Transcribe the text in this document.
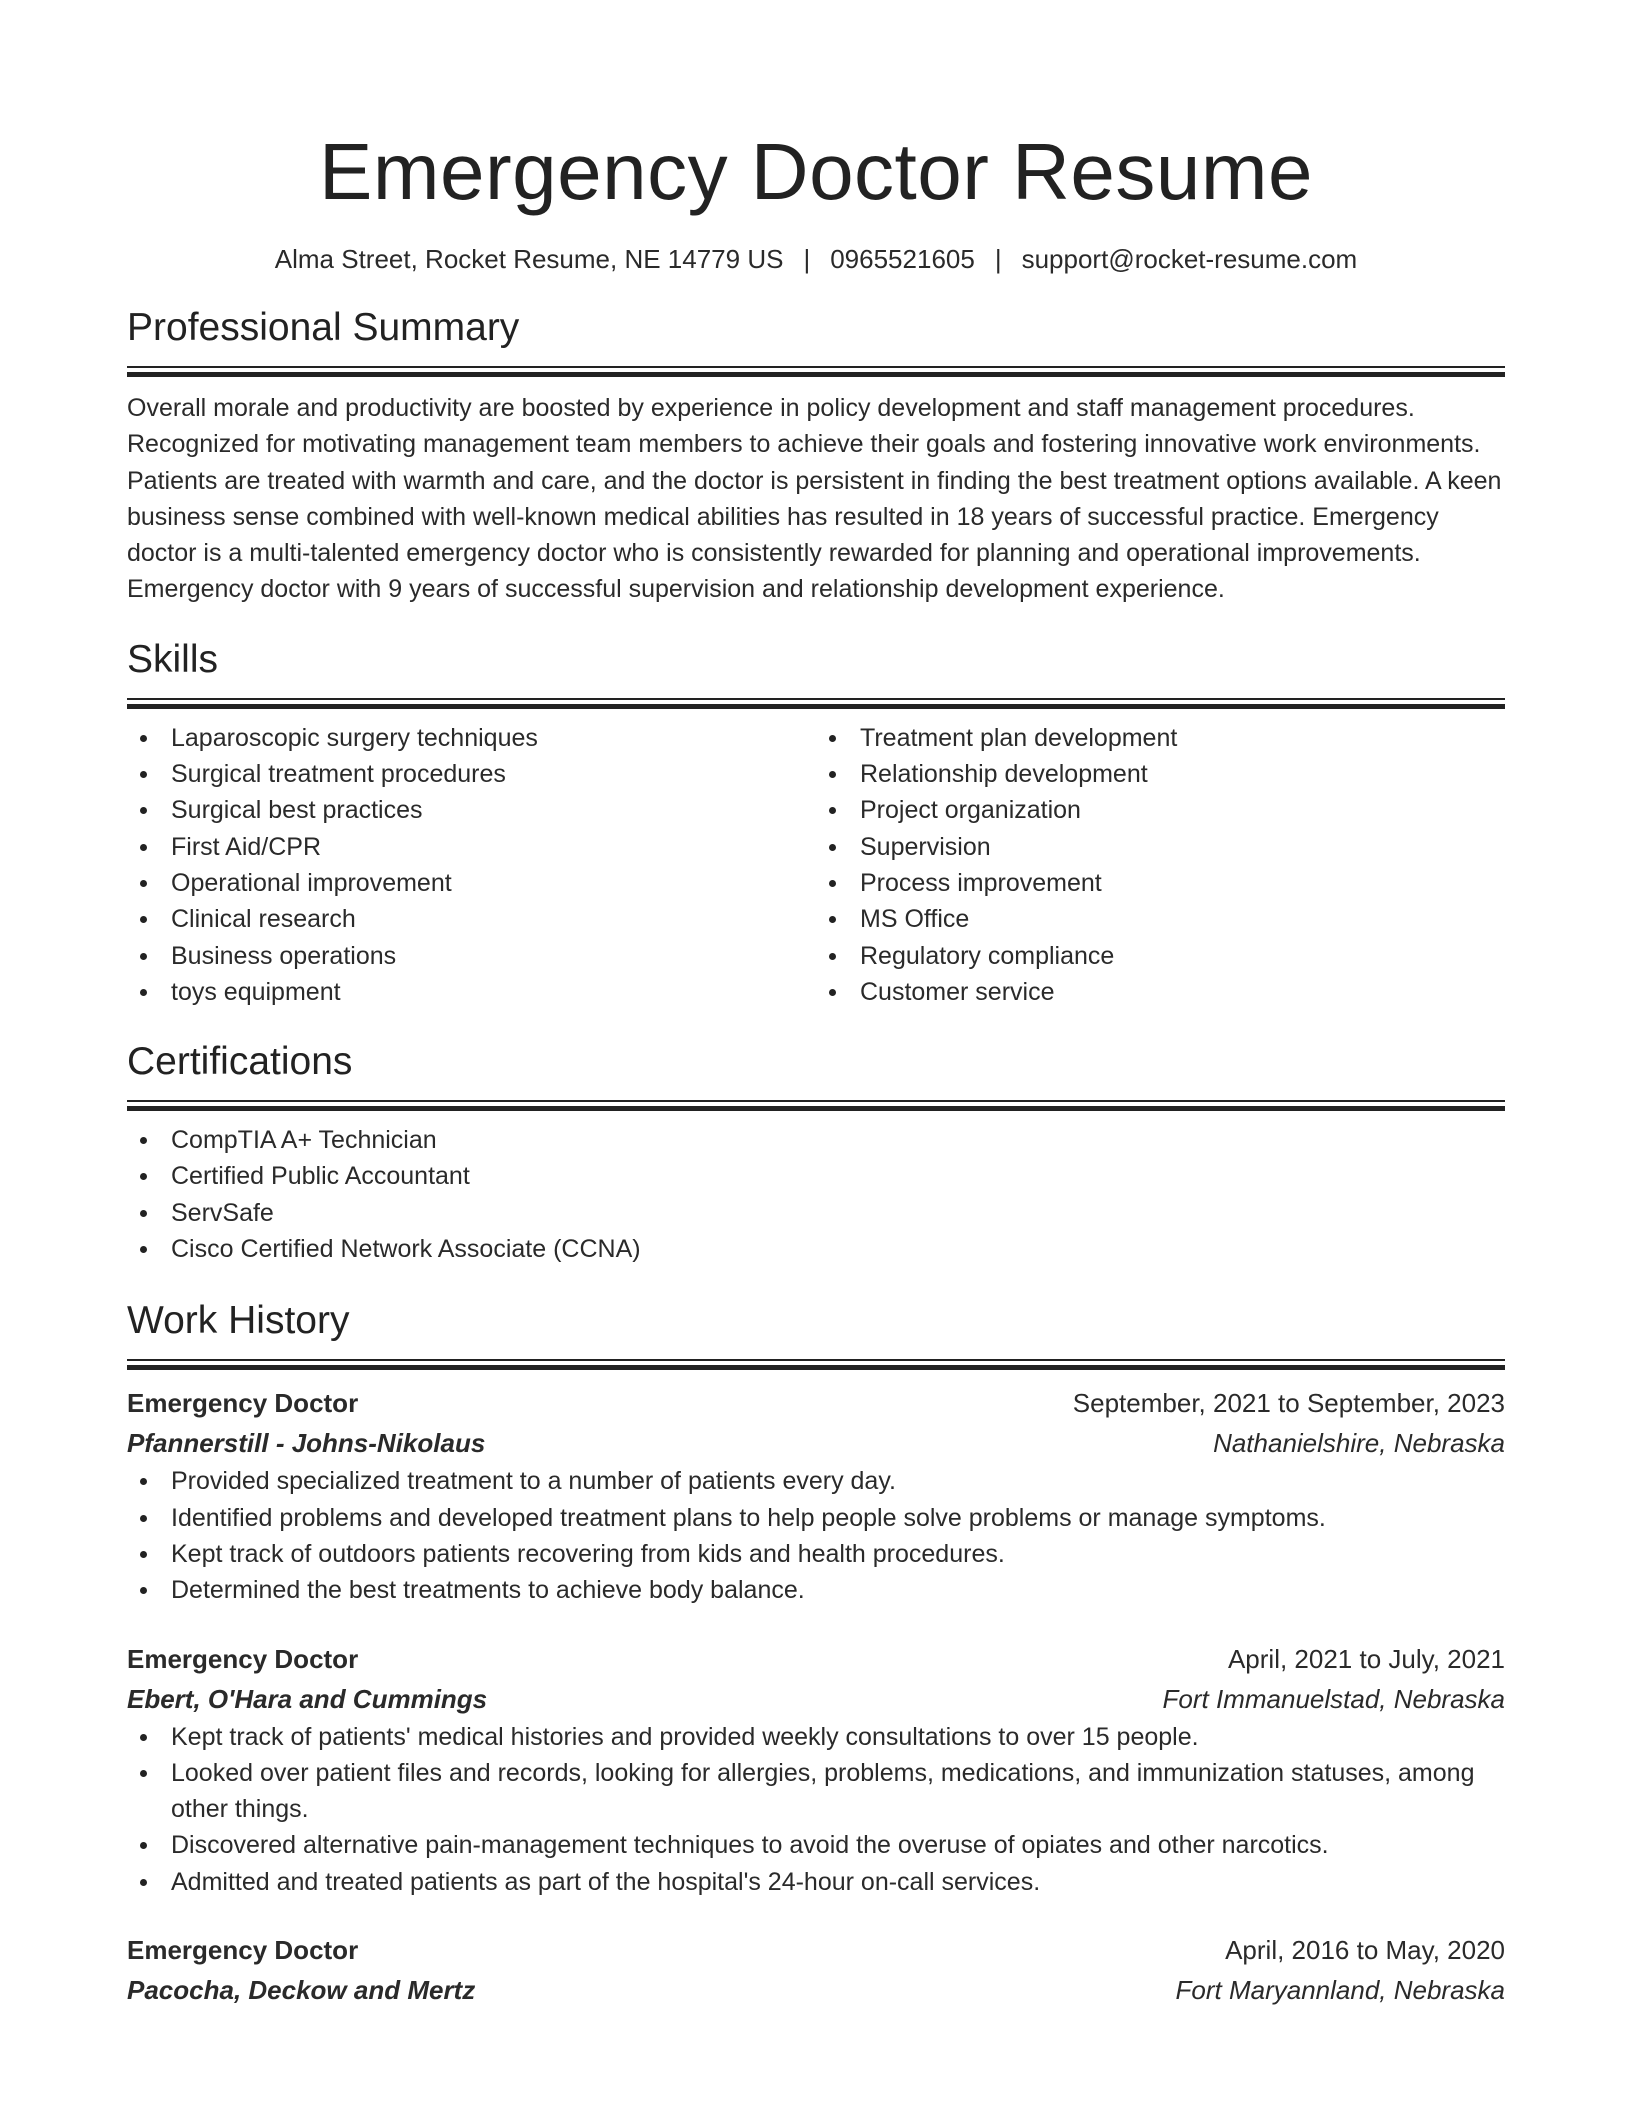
Emergency Doctor Resume
Alma Street, Rocket Resume, NE 14779 US | 0965521605 | support@rocket-resume.com
Professional Summary

Overall morale and productivity are boosted by experience in policy development and staff management procedures. Recognized for motivating management team members to achieve their goals and fostering innovative work environments. Patients are treated with warmth and care, and the doctor is persistent in finding the best treatment options available. A keen business sense combined with well-known medical abilities has resulted in 18 years of successful practice. Emergency doctor is a multi-talented emergency doctor who is consistently rewarded for planning and operational improvements. Emergency doctor with 9 years of successful supervision and relationship development experience.

Skills
Laparoscopic surgery techniques
Surgical treatment procedures
Surgical best practices
First Aid/CPR
Operational improvement
Clinical research
Business operations
toys equipment
Treatment plan development
Relationship development
Project organization
Supervision
Process improvement
MS Office
Regulatory compliance
Customer service
Certifications
CompTIA A+ Technician
Certified Public Accountant
ServSafe
Cisco Certified Network Associate (CCNA)
Work History
Emergency Doctor	September, 2021 to September, 2023
Pfannerstill - Johns-Nikolaus	Nathanielshire, Nebraska
Provided specialized treatment to a number of patients every day.
Identified problems and developed treatment plans to help people solve problems or manage symptoms.
Kept track of outdoors patients recovering from kids and health procedures.
Determined the best treatments to achieve body balance.
Emergency Doctor	April, 2021 to July, 2021
Ebert, O'Hara and Cummings	Fort Immanuelstad, Nebraska
Kept track of patients' medical histories and provided weekly consultations to over 15 people.
Looked over patient files and records, looking for allergies, problems, medications, and immunization statuses, among other things.
Discovered alternative pain-management techniques to avoid the overuse of opiates and other narcotics.
Admitted and treated patients as part of the hospital's 24-hour on-call services.
Emergency Doctor	April, 2016 to May, 2020
Pacocha, Deckow and Mertz	Fort Maryannland, Nebraska
